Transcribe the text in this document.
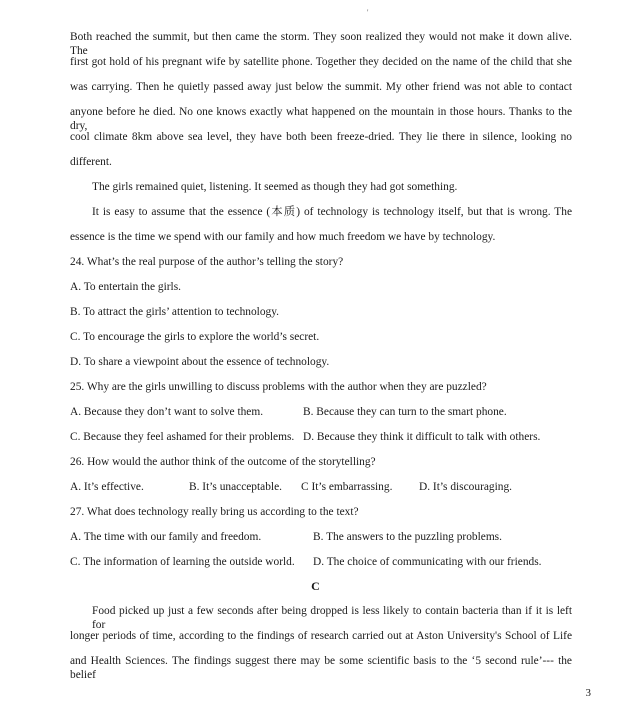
'
Both reached the summit, but then came the storm. They soon realized they would not make it down alive. The
first got hold of his pregnant wife by satellite phone. Together they decided on the name of the child that she
was carrying. Then he quietly passed away just below the summit. My other friend was not able to contact
anyone before he died. No one knows exactly what happened on the mountain in those hours. Thanks to the dry,
cool climate 8km above sea level, they have both been freeze-dried. They lie there in silence, looking no
different.
The girls remained quiet, listening. It seemed as though they had got something.
It is easy to assume that the essence (本质) of technology is technology itself, but that is wrong. The
essence is the time we spend with our family and how much freedom we have by technology.
24. What’s the real purpose of the author’s telling the story?
A. To entertain the girls.
B. To attract the girls’ attention to technology.
C. To encourage the girls to explore the world’s secret.
D. To share a viewpoint about the essence of technology.
25. Why are the girls unwilling to discuss problems with the author when they are puzzled?
A. Because they don’t want to solve them.	B. Because they can turn to the smart phone.
C. Because they feel ashamed for their problems. D. Because they think it difficult to talk with others.
26. How would the author think of the outcome of the storytelling?
A. It’s effective.	B. It’s unacceptable. C It’s embarrassing. D. It’s discouraging.
27. What does technology really bring us according to the text?
A. The time with our family and freedom.	B. The answers to the puzzling problems.
C. The information of learning the outside world.	D. The choice of communicating with our friends.
C
Food picked up just a few seconds after being dropped is less likely to contain bacteria than if it is left for
longer periods of time, according to the findings of research carried out at Aston University's School of Life
and Health Sciences. The findings suggest there may be some scientific basis to the ‘5 second rule’--- the belief
3
